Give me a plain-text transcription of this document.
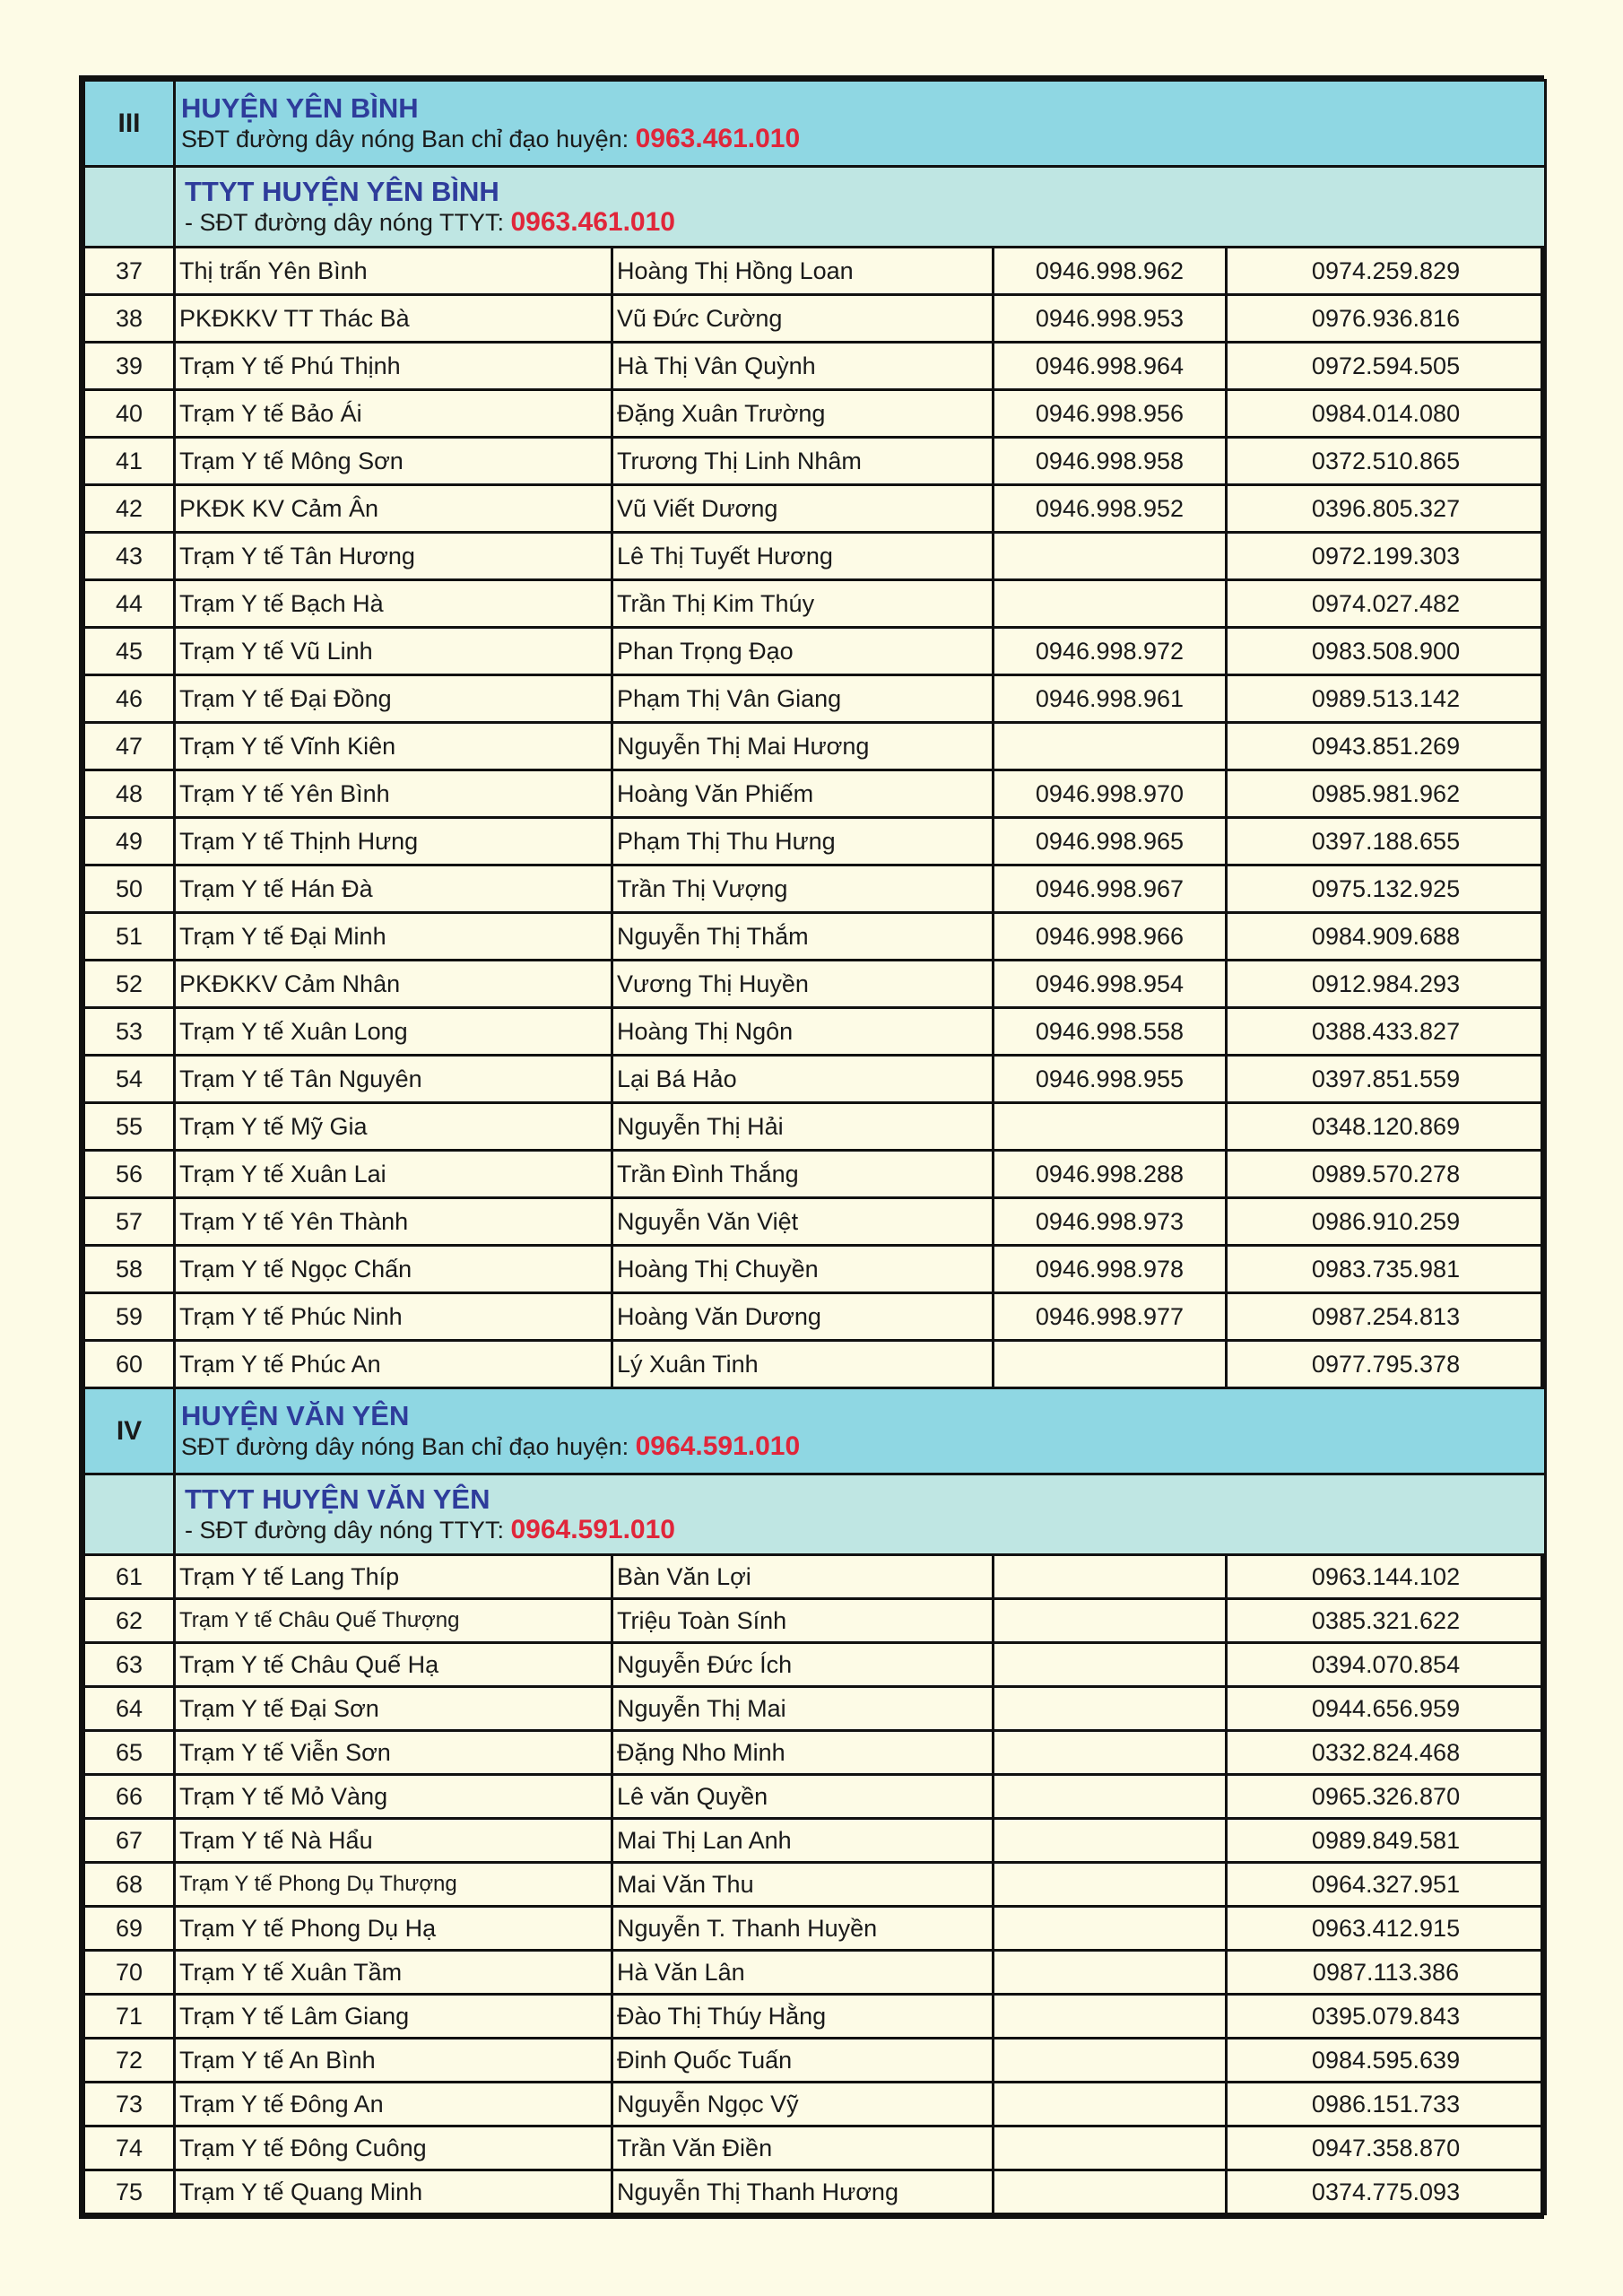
III	HUYỆN YÊN BÌNH
SĐT đường dây nóng Ban chỉ đạo huyện: 0963.461.010			

	TTYT HUYỆN YÊN BÌNH
- SĐT đường dây nóng TTYT: 0963.461.010			

37	Thị trấn Yên Bình	Hoàng Thị Hồng Loan	0946.998.962	0974.259.829
38	PKĐKKV TT Thác Bà	Vũ Đức Cường	0946.998.953	0976.936.816
39	Trạm Y tế Phú Thịnh	Hà Thị Vân Quỳnh	0946.998.964	0972.594.505
40	Trạm Y tế Bảo Ái	Đặng Xuân Trường	0946.998.956	0984.014.080
41	Trạm Y tế Mông Sơn	Trương Thị Linh Nhâm	0946.998.958	0372.510.865
42	PKĐK KV Cảm Ân	Vũ Viết Dương	0946.998.952	0396.805.327
43	Trạm Y tế Tân Hương	Lê Thị Tuyết Hương		0972.199.303
44	Trạm Y tế Bạch Hà	Trần Thị Kim Thúy		0974.027.482
45	Trạm Y tế Vũ Linh	Phan Trọng Đạo	0946.998.972	0983.508.900
46	Trạm Y tế Đại Đồng	Phạm Thị Vân Giang	0946.998.961	0989.513.142
47	Trạm Y tế Vĩnh Kiên	Nguyễn Thị Mai Hương		0943.851.269
48	Trạm Y tế Yên Bình	Hoàng Văn Phiếm	0946.998.970	0985.981.962
49	Trạm Y tế Thịnh Hưng	Phạm Thị Thu Hưng	0946.998.965	0397.188.655
50	Trạm Y tế Hán Đà	Trần Thị Vượng	0946.998.967	0975.132.925
51	Trạm Y tế Đại Minh	Nguyễn Thị Thắm	0946.998.966	0984.909.688
52	PKĐKKV Cảm Nhân	Vương Thị Huyền	0946.998.954	0912.984.293
53	Trạm Y tế Xuân Long	Hoàng Thị Ngôn	0946.998.558	0388.433.827
54	Trạm Y tế Tân Nguyên	Lại Bá Hảo	0946.998.955	0397.851.559
55	Trạm Y tế Mỹ Gia	Nguyễn Thị Hải		0348.120.869
56	Trạm Y tế Xuân Lai	Trần Đình Thắng	0946.998.288	0989.570.278
57	Trạm Y tế Yên Thành	Nguyễn Văn Việt	0946.998.973	0986.910.259
58	Trạm Y tế Ngọc Chấn	Hoàng Thị Chuyền	0946.998.978	0983.735.981
59	Trạm Y tế Phúc Ninh	Hoàng Văn Dương	0946.998.977	0987.254.813
60	Trạm Y tế Phúc An	Lý Xuân Tinh		0977.795.378
IV	HUYỆN VĂN YÊN
SĐT đường dây nóng Ban chỉ đạo huyện: 0964.591.010			

	TTYT HUYỆN VĂN YÊN
- SĐT đường dây nóng TTYT: 0964.591.010			

61	Trạm Y tế Lang Thíp	Bàn Văn Lợi		0963.144.102
62	Trạm Y tế Châu Quế Thượng	Triệu Toàn Sính		0385.321.622
63	Trạm Y tế Châu Quế Hạ	Nguyễn Đức Ích		0394.070.854
64	Trạm Y tế Đại Sơn	Nguyễn Thị Mai		0944.656.959
65	Trạm Y tế Viễn Sơn	Đặng Nho Minh		0332.824.468
66	Trạm Y tế Mỏ Vàng	Lê văn Quyền		0965.326.870
67	Trạm Y tế Nà Hẩu	Mai Thị Lan Anh		0989.849.581
68	Trạm Y tế Phong Dụ Thượng	Mai Văn Thu		0964.327.951
69	Trạm Y tế Phong Dụ Hạ	Nguyễn T. Thanh Huyền		0963.412.915
70	Trạm Y tế Xuân Tầm	Hà Văn Lân		0987.113.386
71	Trạm Y tế Lâm Giang	Đào Thị Thúy Hằng		0395.079.843
72	Trạm Y tế An Bình	Đinh Quốc Tuấn		0984.595.639
73	Trạm Y tế Đông An	Nguyễn Ngọc Vỹ		0986.151.733
74	Trạm Y tế Đông Cuông	Trần Văn Điền		0947.358.870
75	Trạm Y tế Quang Minh	Nguyễn Thị Thanh Hương		0374.775.093
